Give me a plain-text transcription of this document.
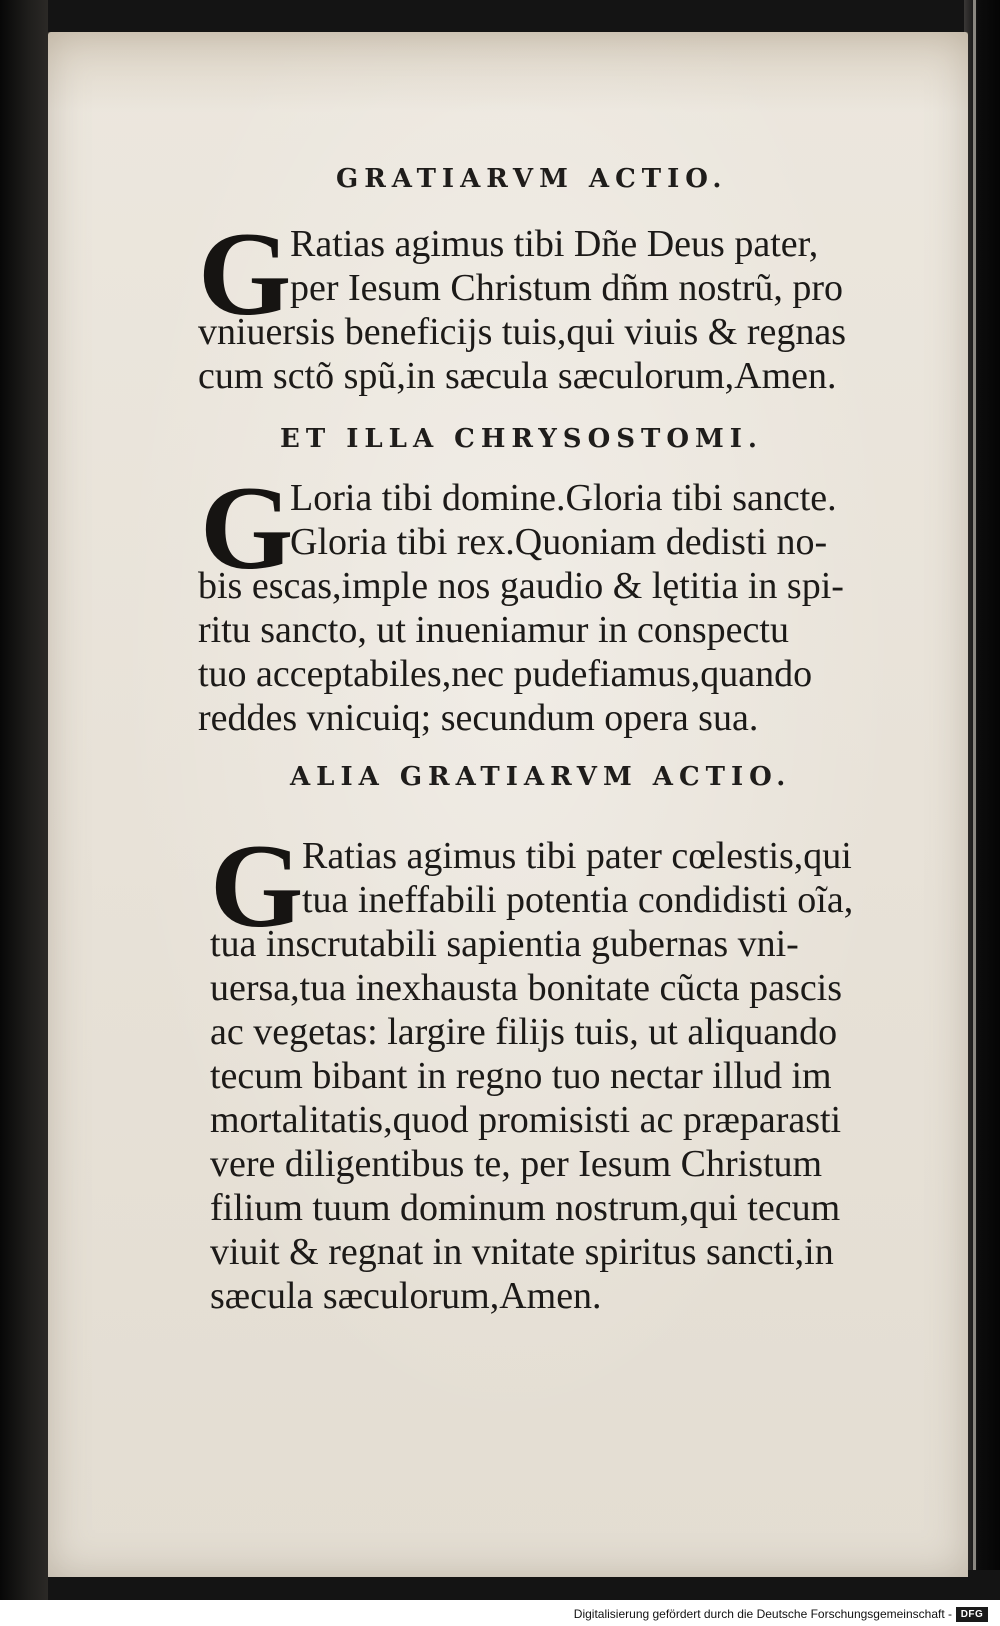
GRATIARVM ACTIO.
G
Ratias agimus tibi Dñe Deus pater,
per Iesum Christum dñm nostrũ, pro
vniuersis beneficijs tuis,qui viuis & regnas
cum sctõ spũ,in sæcula sæculorum,Amen.
ET ILLA CHRYSOSTOMI.
G
Loria tibi domine.Gloria tibi sancte.
Gloria tibi rex.Quoniam dedisti no-
bis escas,imple nos gaudio & lętitia in spi-
ritu sancto, ut inueniamur in conspectu
tuo acceptabiles,nec pudefiamus,quando
reddes vnicuiq; secundum opera sua.
ALIA GRATIARVM ACTIO.
G
Ratias agimus tibi pater cœlestis,qui
tua ineffabili potentia condidisti oĩa,
tua inscrutabili sapientia gubernas vni-
uersa,tua inexhausta bonitate cũcta pascis
ac vegetas: largire filijs tuis, ut aliquando
tecum bibant in regno tuo nectar illud im
mortalitatis,quod promisisti ac præparasti
vere diligentibus te, per Iesum Christum
filium tuum dominum nostrum,qui tecum
viuit & regnat in vnitate spiritus sancti,in
sæcula sæculorum,Amen.
Digitalisierung gefördert durch die Deutsche Forschungsgemeinschaft - DFG
